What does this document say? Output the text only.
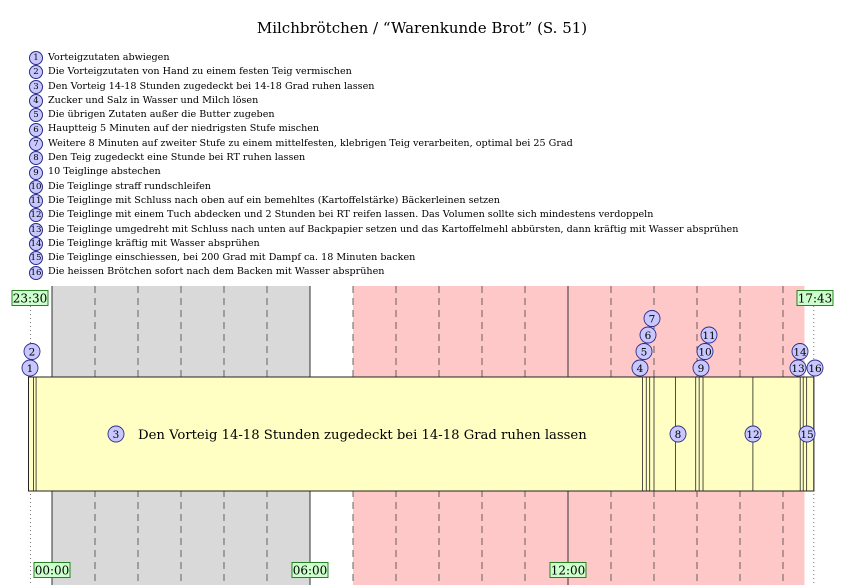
Milchbrötchen / “Warenkunde Brot” (S. 51)
1 Vorteigzutaten abwiegen
2 Die Vorteigzutaten von Hand zu einem festen Teig vermischen
3 Den Vorteig 14-18 Stunden zugedeckt bei 14-18 Grad ruhen lassen
4 Zucker und Salz in Wasser und Milch lösen
5 Die übrigen Zutaten außer die Butter zugeben
6 Hauptteig 5 Minuten auf der niedrigsten Stufe mischen
7 Weitere 8 Minuten auf zweiter Stufe zu einem mittelfesten, klebrigen Teig verarbeiten, optimal bei 25 Grad
8 Den Teig zugedeckt eine Stunde bei RT ruhen lassen
9 10 Teiglinge abstechen
10 Die Teiglinge straff rundschleifen
11 Die Teiglinge mit Schluss nach oben auf ein bemehltes (Kartoffelstärke) Bäckerleinen setzen
12 Die Teiglinge mit einem Tuch abdecken und 2 Stunden bei RT reifen lassen. Das Volumen sollte sich mindestens verdoppeln
13 Die Teiglinge umgedreht mit Schluss nach unten auf Backpapier setzen und das Kartoffelmehl abbürsten, dann kräftig mit Wasser absprühen
14 Die Teiglinge kräftig mit Wasser absprühen
15 Die Teiglinge einschiessen, bei 200 Grad mit Dampf ca. 18 Minuten backen
16 Die heissen Brötchen sofort nach dem Backen mit Wasser absprühen
3 Den Vorteig 14-18 Stunden zugedeckt bei 14-18 Grad ruhen lassen	8	12	15
1
2
4
5
6
7
9
10
11
13
14
16
23:30	17:43
00:00	06:00	12:00
